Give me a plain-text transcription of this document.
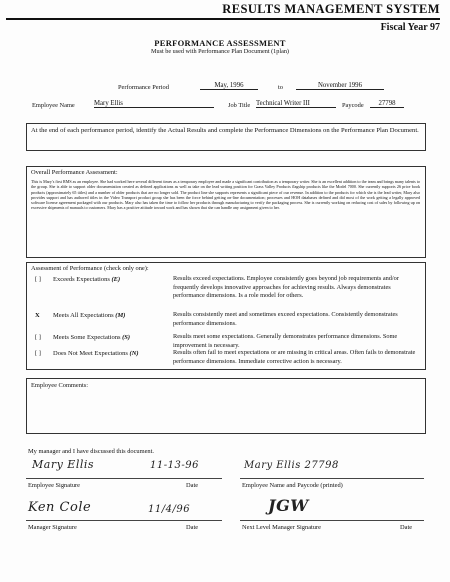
RESULTS MANAGEMENT SYSTEM
Fiscal Year 97
PERFORMANCE ASSESSMENT
Must be used with Performance Plan Document (1plan)
Performance Period	May, 1996	to	November 1996
Employee Name	Mary Ellis	Job Title Technical Writer III	Paycode	27798
At the end of each performance period, identify the Actual Results and complete the Performance Dimensions on the Performance Plan Document.
Overall Performance Assessment:
This is Mary's first RMS as an employee. She had worked here several different times as a temporary employee and made a significant contribution as a temporary writer. She is an excellent addition to the team and brings many talents to the group. She is able to support older documentation created as defined applications as well as take on the lead writing position for Grass Valley Products flagship products like the Model 7000. She currently supports 26 price book products (approximately 65 titles) and a number of older products that are no longer sold. The product line she supports represents a significant piece of our revenue. In addition to the products for which she is the lead writer, Mary also provides support and has authored titles in the Video Transport product group she has been the force behind getting on-line documentation; processes and HOH databases defined and did most of the work getting a legally approved software license agreement packaged with our products. Mary also has taken the time to follow her products through manufacturing to verify the packaging process. She is currently working on reducing cost of sales by following up on excessive shipments of manuals to customers. Mary has a positive attitude toward work and has shown that she can handle any assignment given to her.
Assessment of Performance (check only one):
[ ] Exceeds Expectations (E)	Results exceed expectations. Employee consistently goes beyond job requirements and/or frequently develops innovative approaches for achieving results. Always demonstrates performance dimensions. Is a role model for others.
X Meets All Expectations (M)	Results consistently meet and sometimes exceed expectations. Consistently demonstrates performance dimensions.
[ ] Meets Some Expectations (S)	Results meet some expectations. Generally demonstrates performance dimensions. Some improvement is necessary.
[ ] Does Not Meet Expectations (N)	Results often fail to meet expectations or are missing in critical areas. Often fails to demonstrate performance dimensions. Immediate corrective action is necessary.
Employee Comments:
My manager and I have discussed this document.
Mary Ellis	11-13-96
Employee Signature	Date
Mary Ellis 27798
Employee Name and Paycode (printed)
Ken Cole	11/4/96
Manager Signature	Date
JGW
Next Level Manager Signature	Date
